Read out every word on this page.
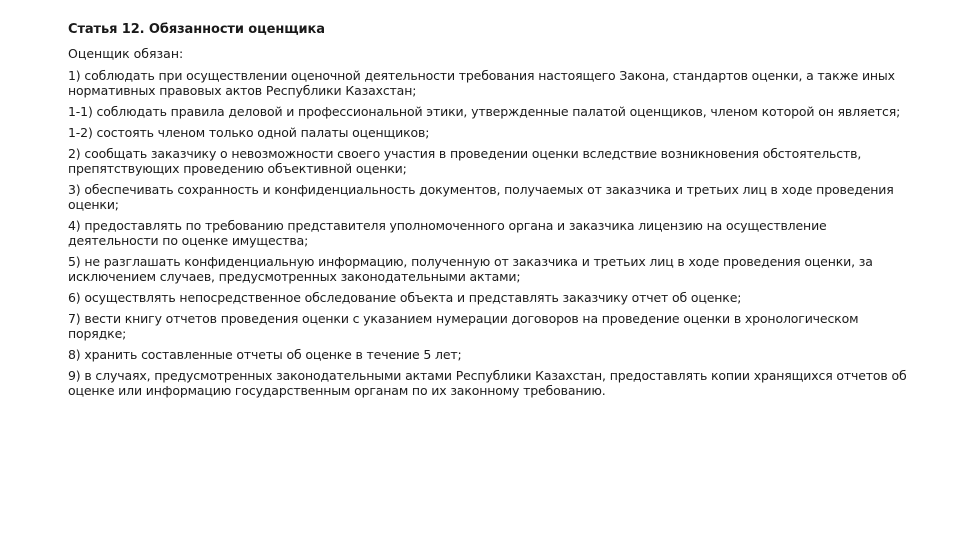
Статья 12. Обязанности оценщика
Оценщик обязан:
1) соблюдать при осуществлении оценочной деятельности требования настоящего Закона, стандартов оценки, а также иных нормативных правовых актов Республики Казахстан;
1-1) соблюдать правила деловой и профессиональной этики, утвержденные палатой оценщиков, членом которой он является;
1-2) состоять членом только одной палаты оценщиков;
2) сообщать заказчику о невозможности своего участия в проведении оценки вследствие возникновения обстоятельств, препятствующих проведению объективной оценки;
3) обеспечивать сохранность и конфиденциальность документов, получаемых от заказчика и третьих лиц в ходе проведения оценки;
4) предоставлять по требованию представителя уполномоченного органа и заказчика лицензию на осуществление деятельности по оценке имущества;
5) не разглашать конфиденциальную информацию, полученную от заказчика и третьих лиц в ходе проведения оценки, за исключением случаев, предусмотренных законодательными актами;
6) осуществлять непосредственное обследование объекта и представлять заказчику отчет об оценке;
7) вести книгу отчетов проведения оценки с указанием нумерации договоров на проведение оценки в хронологическом порядке;
8) хранить составленные отчеты об оценке в течение 5 лет;
9) в случаях, предусмотренных законодательными актами Республики Казахстан, предоставлять копии хранящихся отчетов об оценке или информацию государственным органам по их законному требованию.
